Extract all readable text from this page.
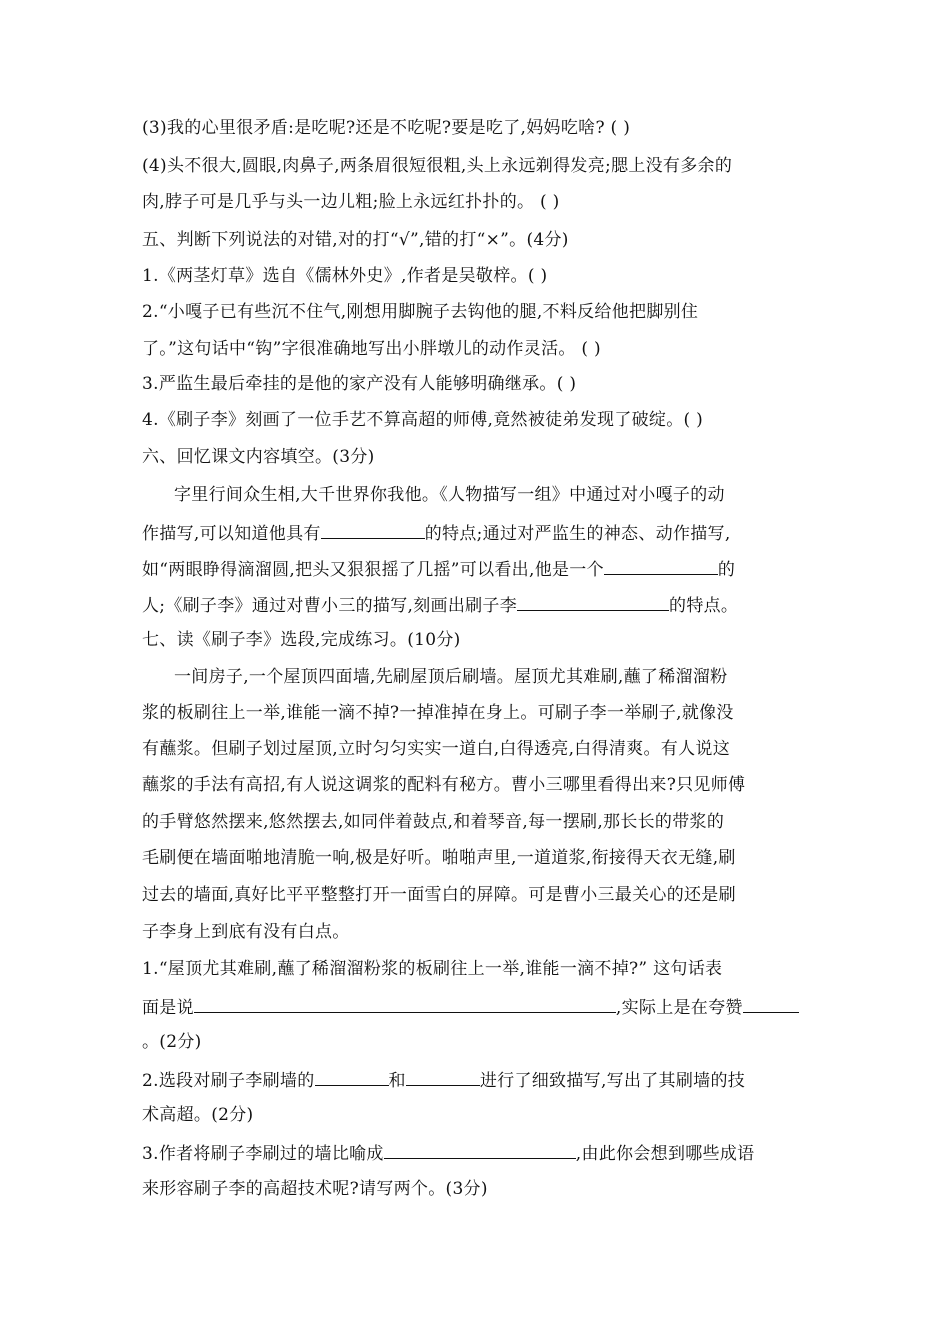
(3)我的心里很矛盾:是吃呢?还是不吃呢?要是吃了,妈妈吃啥? ( )
(4)头不很大,圆眼,肉鼻子,两条眉很短很粗,头上永远剃得发亮;腮上没有多余的
肉,脖子可是几乎与头一边儿粗;脸上永远红扑扑的。 ( )
五、判断下列说法的对错,对的打“√”,错的打“×”。(4分)
1.《两茎灯草》选自《儒林外史》,作者是吴敬梓。( )
2.“小嘎子已有些沉不住气,刚想用脚腕子去钩他的腿,不料反给他把脚别住
了。”这句话中“钩”字很准确地写出小胖墩儿的动作灵活。 ( )
3.严监生最后牵挂的是他的家产没有人能够明确继承。( )
4.《刷子李》刻画了一位手艺不算高超的师傅,竟然被徒弟发现了破绽。( )
六、回忆课文内容填空。(3分)
字里行间众生相,大千世界你我他。《人物描写一组》中通过对小嘎子的动
作描写,可以知道他具有	的特点;通过对严监生的神态、动作描写,
如“两眼睁得滴溜圆,把头又狠狠摇了几摇”可以看出,他是一个	的
人;《刷子李》通过对曹小三的描写,刻画出刷子李	的特点。
七、读《刷子李》选段,完成练习。(10分)
一间房子,一个屋顶四面墙,先刷屋顶后刷墙。屋顶尤其难刷,蘸了稀溜溜粉
浆的板刷往上一举,谁能一滴不掉?一掉准掉在身上。可刷子李一举刷子,就像没
有蘸浆。但刷子划过屋顶,立时匀匀实实一道白,白得透亮,白得清爽。有人说这
蘸浆的手法有高招,有人说这调浆的配料有秘方。曹小三哪里看得出来?只见师傅
的手臂悠然摆来,悠然摆去,如同伴着鼓点,和着琴音,每一摆刷,那长长的带浆的
毛刷便在墙面啪地清脆一响,极是好听。啪啪声里,一道道浆,衔接得天衣无缝,刷
过去的墙面,真好比平平整整打开一面雪白的屏障。可是曹小三最关心的还是刷
子李身上到底有没有白点。
1.“屋顶尤其难刷,蘸了稀溜溜粉浆的板刷往上一举,谁能一滴不掉?” 这句话表
面是说	,实际上是在夸赞
。(2分)
2.选段对刷子李刷墙的	和	进行了细致描写,写出了其刷墙的技
术高超。(2分)
3.作者将刷子李刷过的墙比喻成	,由此你会想到哪些成语
来形容刷子李的高超技术呢?请写两个。(3分)
